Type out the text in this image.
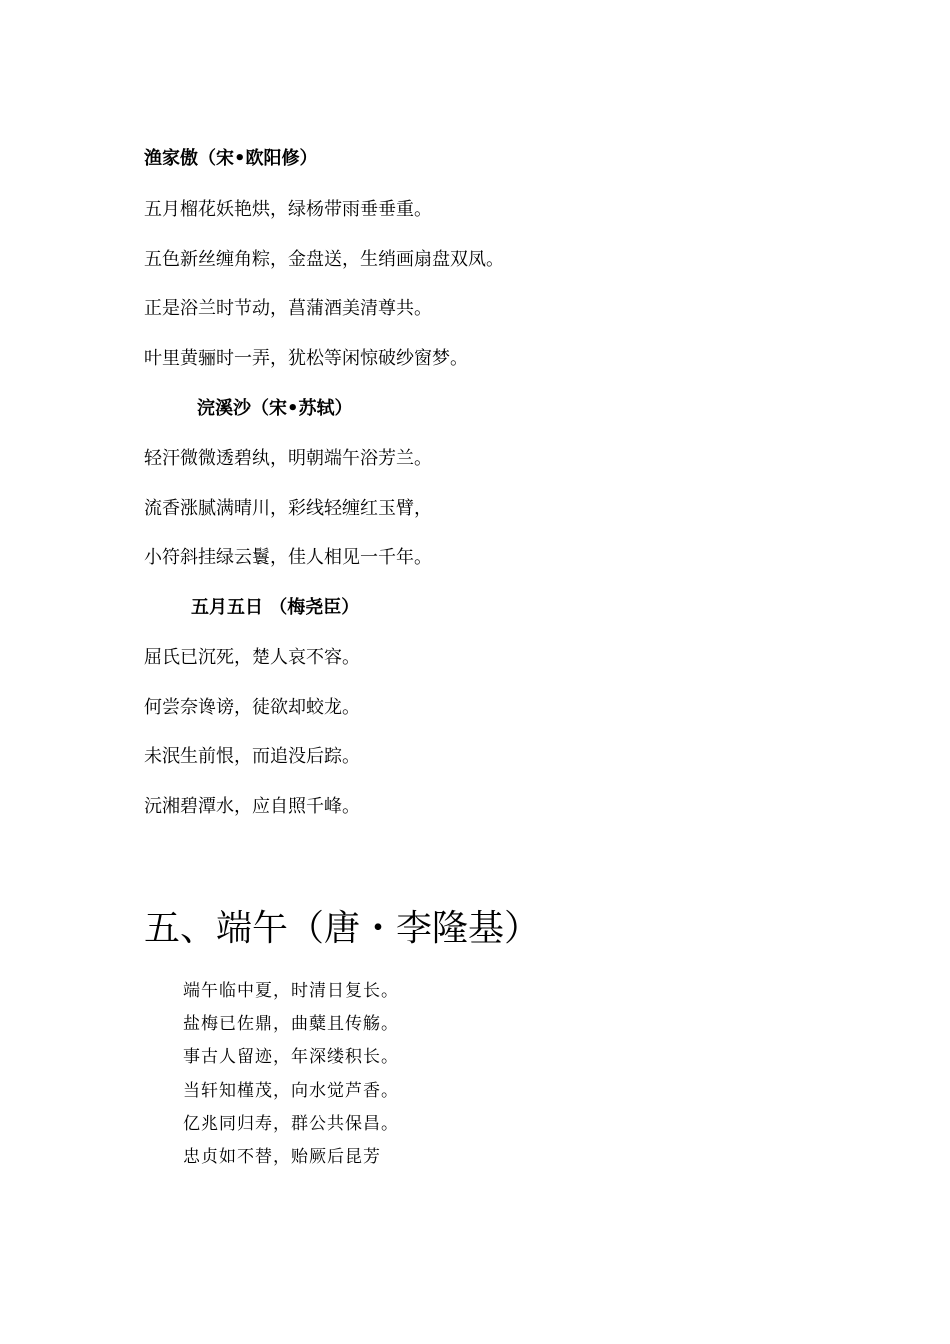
渔家傲（宋•欧阳修）
五月榴花妖艳烘，绿杨带雨垂垂重。
五色新丝缠角粽，金盘送，生绡画扇盘双凤。
正是浴兰时节动，菖蒲酒美清尊共。
叶里黄骊时一弄，犹松等闲惊破纱窗梦。
浣溪沙（宋•苏轼）
轻汗微微透碧纨，明朝端午浴芳兰。
流香涨腻满晴川，彩线轻缠红玉臂，
小符斜挂绿云鬟，佳人相见一千年。
五月五日 （梅尧臣）
屈氏已沉死，楚人哀不容。
何尝奈谗谤，徒欲却蛟龙。
未泯生前恨，而追没后踪。
沅湘碧潭水，应自照千峰。
五、端午（唐・李隆基）
端午临中夏，时清日复长。
盐梅已佐鼎，曲糵且传觞。
事古人留迹，年深缕积长。
当轩知槿茂，向水觉芦香。
亿兆同归寿，群公共保昌。
忠贞如不替，贻厥后昆芳
